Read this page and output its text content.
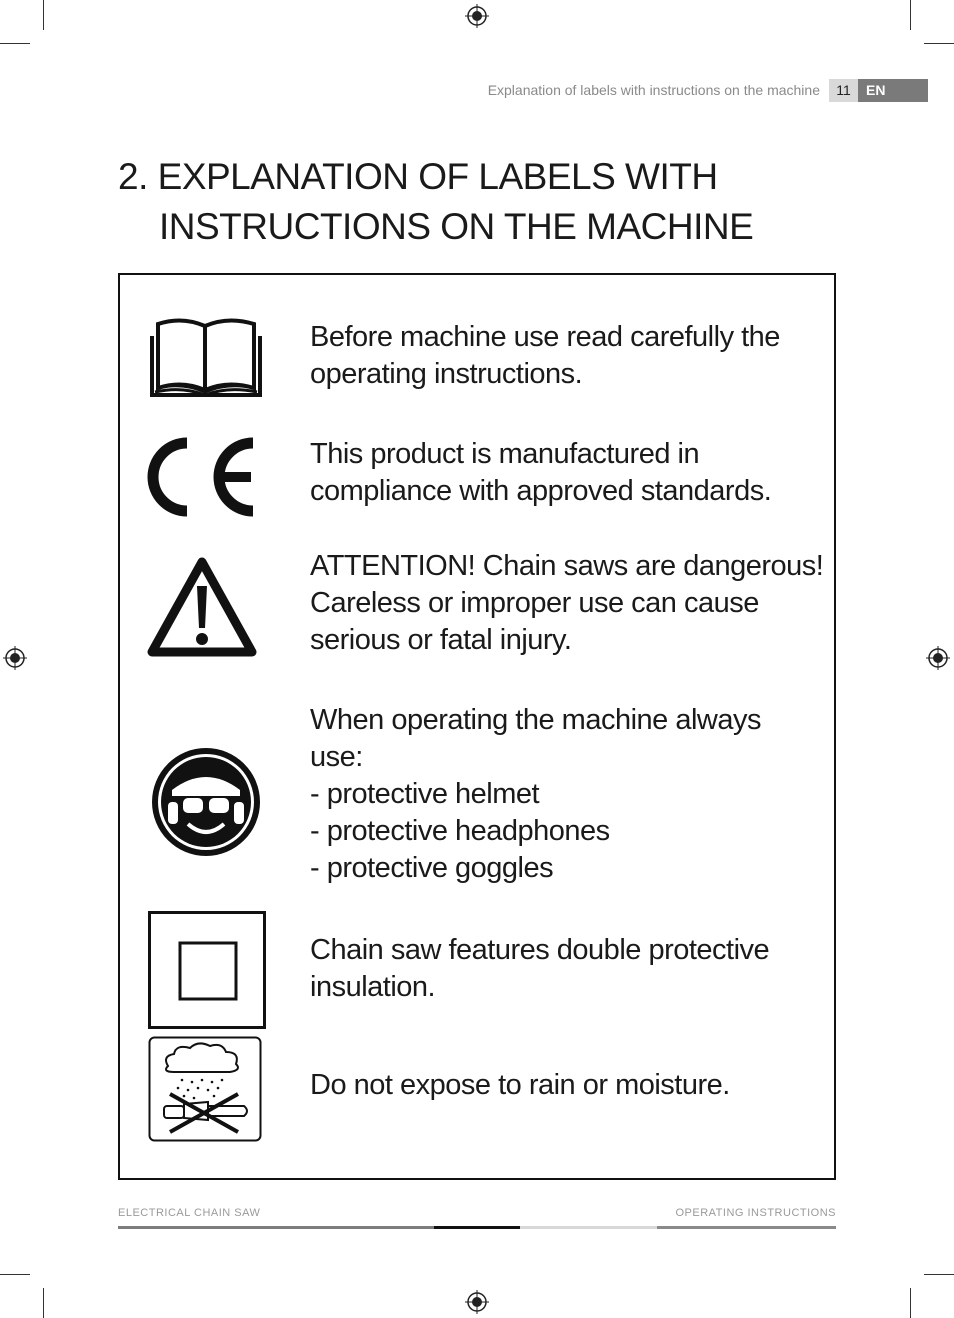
Explanation of labels with instructions on the machine	11	EN
2. EXPLANATION OF LABELS WITH
INSTRUCTIONS ON THE MACHINE
Before machine use read carefully the
operating instructions.
This product is manufactured in
compliance with approved standards.
ATTENTION! Chain saws are dangerous!
Careless or improper use can cause
serious or fatal injury.
When operating the machine always
use:
- protective helmet
- protective headphones
- protective goggles
Chain saw features double protective
insulation.
Do not expose to rain or moisture.
ELECTRICAL CHAIN SAW	OPERATING INSTRUCTIONS
